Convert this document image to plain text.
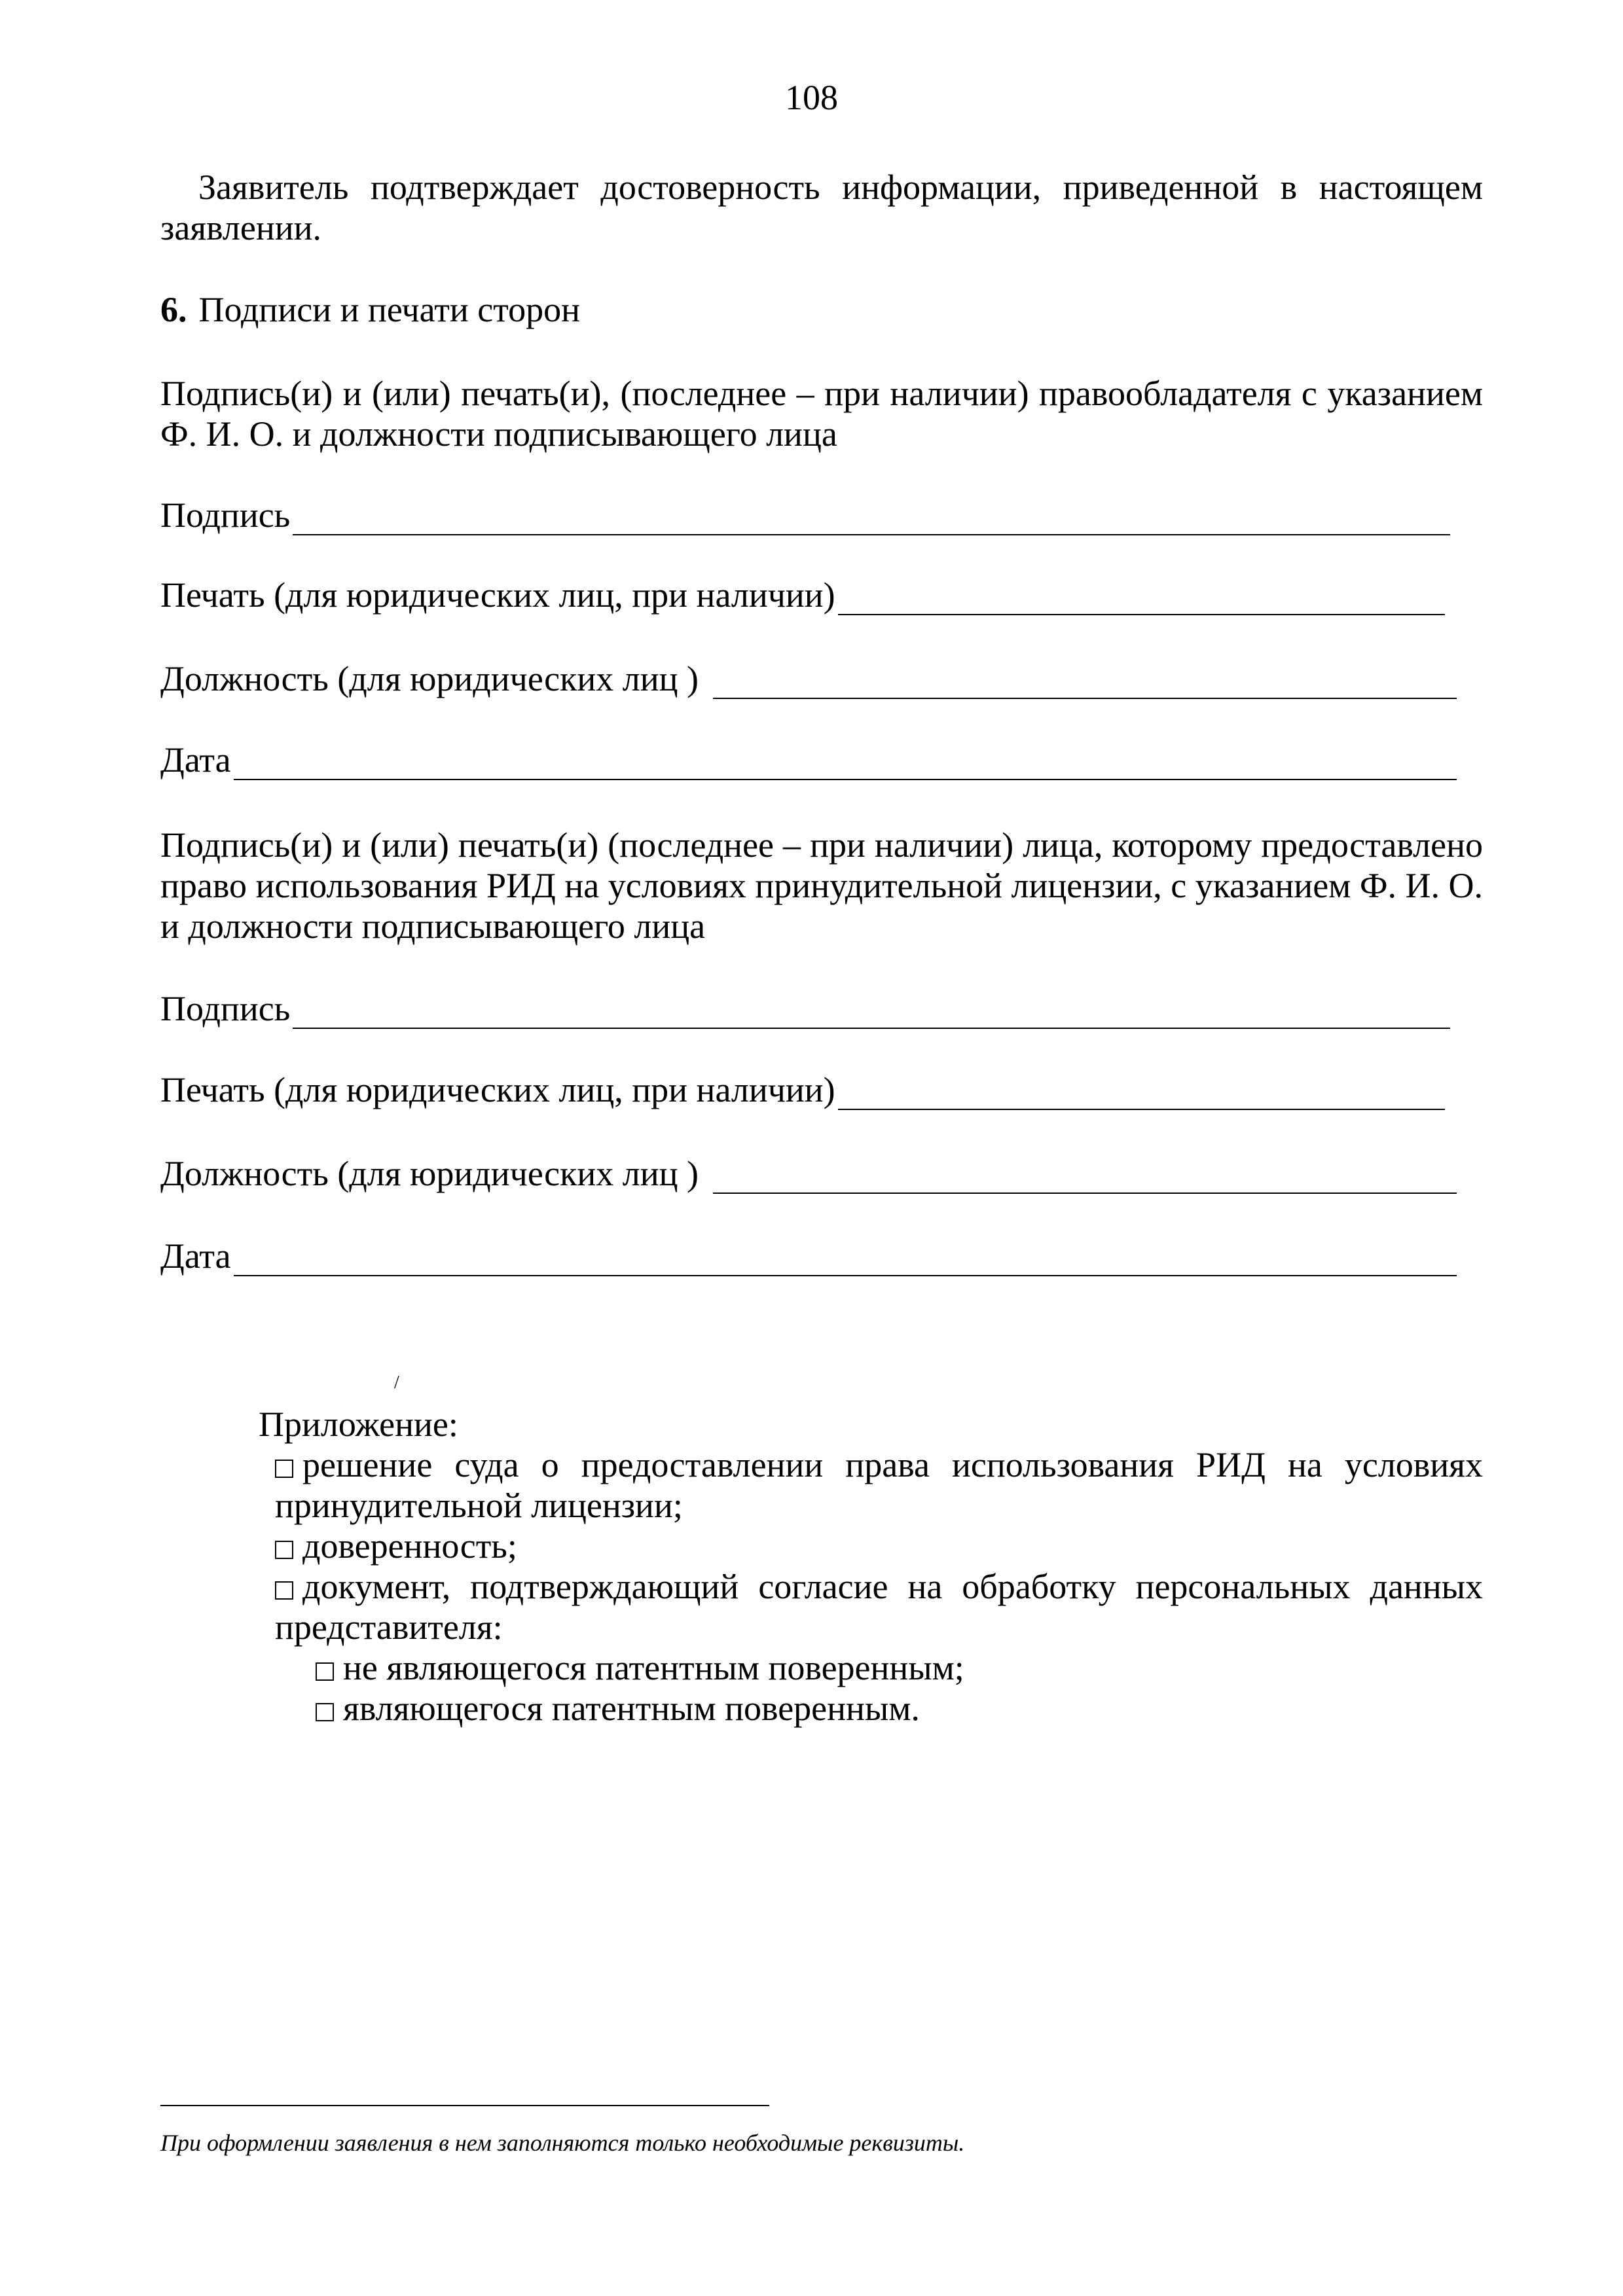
108

Заявитель подтверждает достоверность информации, приведенной в настоящем заявлении.

6. Подписи и печати сторон

Подпись(и) и (или) печать(и), (последнее – при наличии) правообладателя с указанием Ф. И. О. и должности подписывающего лица

Подпись
Печать (для юридических лиц, при наличии)
Должность (для юридических лиц )
Дата

Подпись(и) и (или) печать(и) (последнее – при наличии) лица, которому предоставлено право использования РИД на условиях принудительной лицензии, с указанием Ф. И. О. и должности подписывающего лица

Подпись
Печать (для юридических лиц, при наличии)
Должность (для юридических лиц )
Дата
/

Приложение:

решение суда о предоставлении права использования РИД на условиях принудительной лицензии;

доверенность;

документ, подтверждающий согласие на обработку персональных данных представителя:

не являющегося патентным поверенным;

являющегося патентным поверенным.

При оформлении заявления в нем заполняются только необходимые реквизиты.
